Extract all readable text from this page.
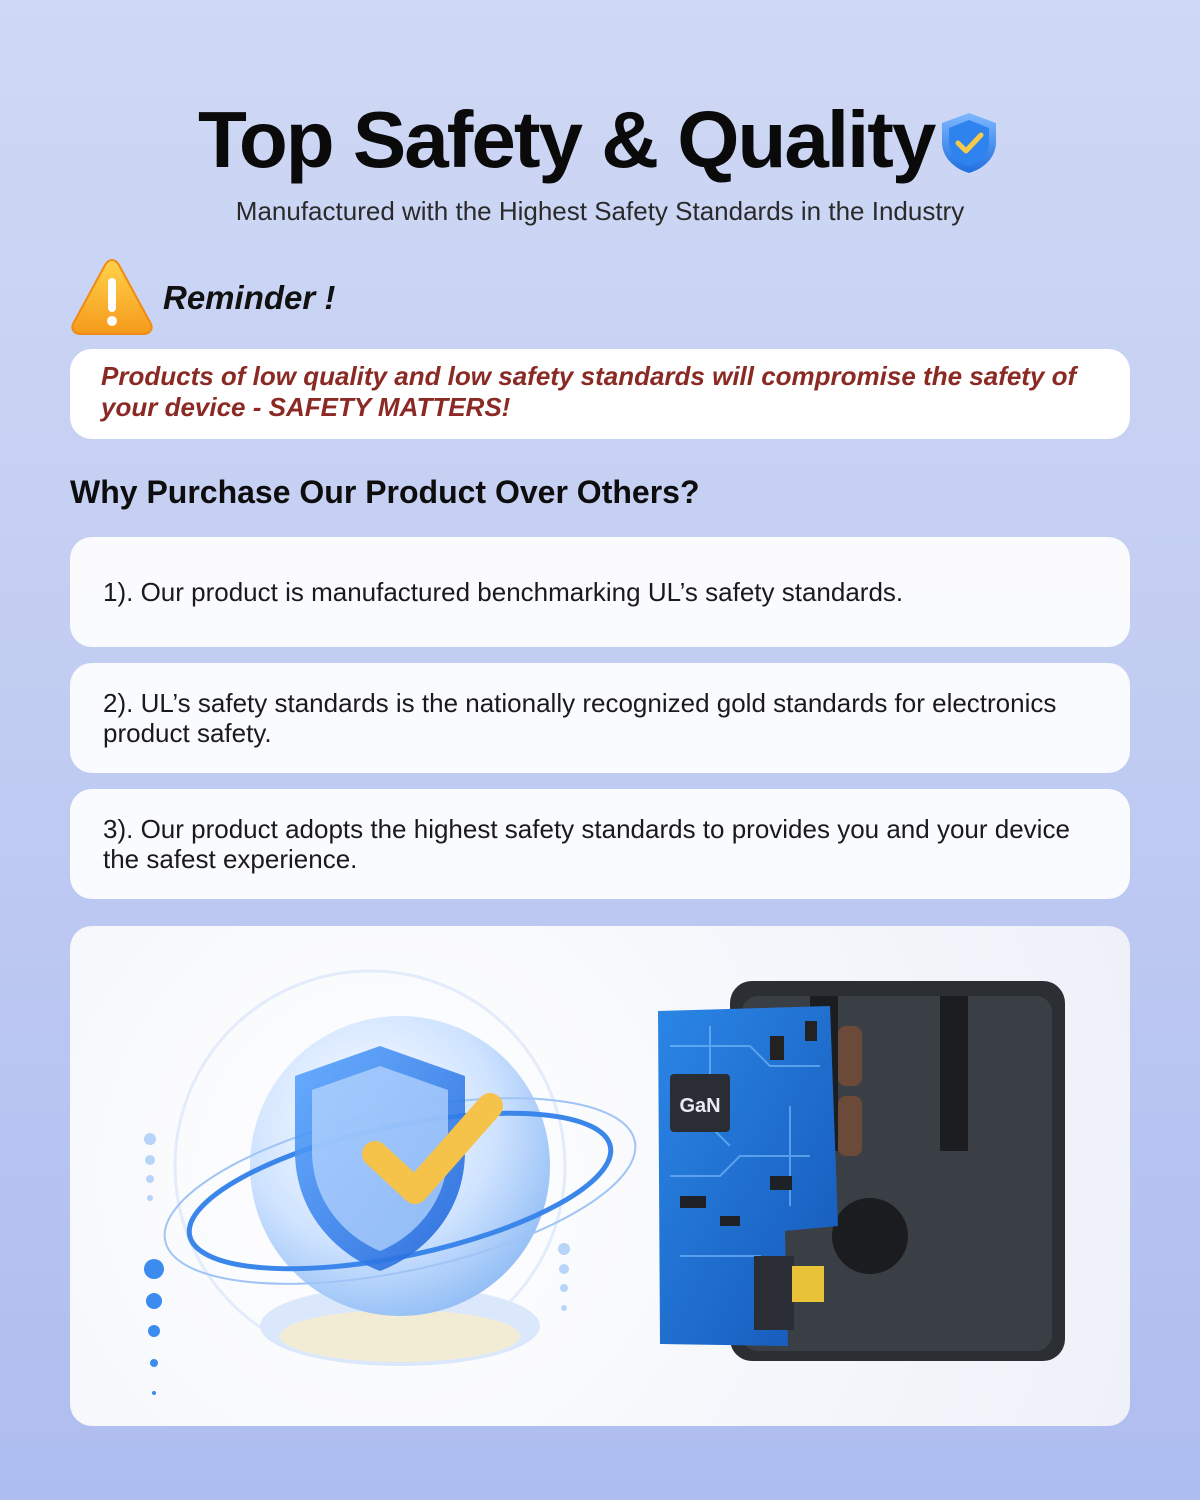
Top Safety & Quality
Manufactured with the Highest Safety Standards in the Industry
Reminder !
Products of low quality and low safety standards will compromise the safety of your device - SAFETY MATTERS!
Why Purchase Our Product Over Others?
1). Our product is manufactured benchmarking UL’s safety standards.
2). UL’s safety standards is the nationally recognized gold standards for electronics product safety.
3). Our product adopts the highest safety standards to provides you and your device the safest experience.
GaN
